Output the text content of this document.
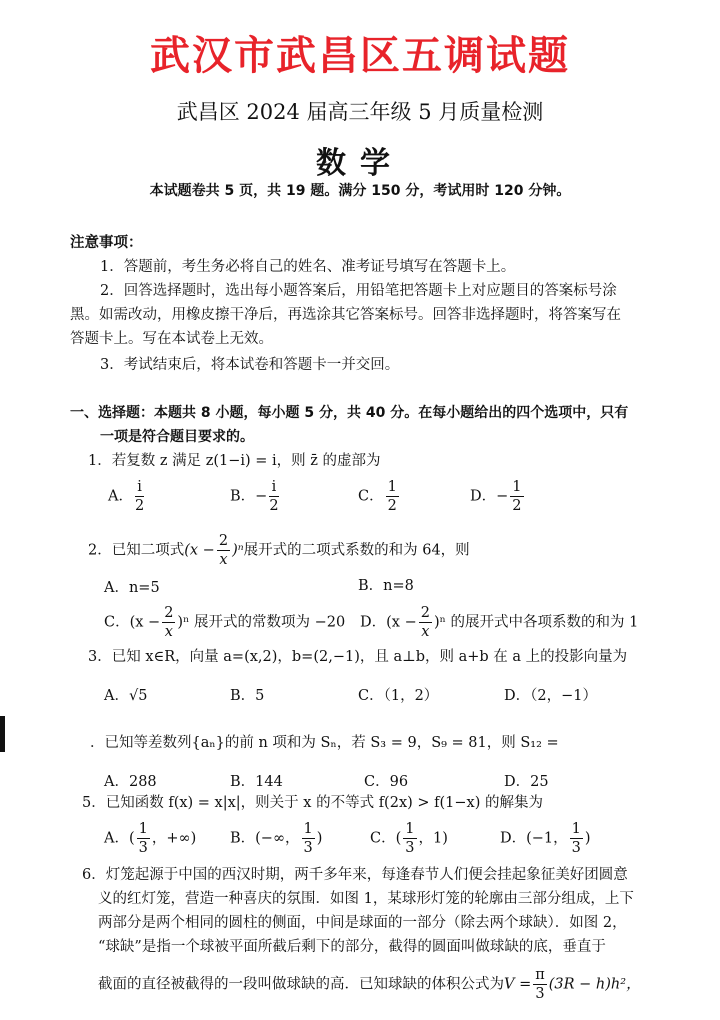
武汉市武昌区五调试题
武昌区 2024 届高三年级 5 月质量检测
数学
本试题卷共 5 页，共 19 题。满分 150 分，考试用时 120 分钟。
注意事项：
1．答题前，考生务必将自己的姓名、准考证号填写在答题卡上。
2．回答选择题时，选出每小题答案后，用铅笔把答题卡上对应题目的答案标号涂
黑。如需改动，用橡皮擦干净后，再选涂其它答案标号。回答非选择题时，将答案写在
答题卡上。写在本试卷上无效。
3．考试结束后，将本试卷和答题卡一并交回。
一、选择题：本题共 8 小题，每小题 5 分，共 40 分。在每小题给出的四个选项中，只有
一项是符合题目要求的。
1．若复数 z 满足 z(1−i) = i，则 z̄ 的虚部为
A． $\frac{i}{2}$	B．− $\frac{i}{2}$	C． $\frac{1}{2}$	D．− $\frac{1}{2}$
2．已知二项式$(x - \frac{2}{x} )^n$展开式的二项式系数的和为 64，则
A．n=5	B．n=8
C．$(x - \frac{2}{x} )^n$ 展开式的常数项为 −20 D．$(x - \frac{2}{x} )^n$ 的展开式中各项系数的和为 1
3．已知 x∈R，向量 a=(x,2)，b=(2,−1)，且 a⊥b，则 a+b 在 a 上的投影向量为
A．√5	B．5	C．（1，2）	D．（2，−1）
．已知等差数列{aₙ}的前 n 项和为 Sₙ，若 S₃ = 9，S₉ = 81，则 S₁₂ =
A．288	B．144	C．96	D．25
5．已知函数 f(x) = x|x|，则关于 x 的不等式 f(2x) > f(1−x) 的解集为
A．( $\frac{1}{3}$ ，+∞) B．(−∞， $\frac{1}{3}$ )	C．( $\frac{1}{3}$ ，1)	D．(−1， $\frac{1}{3}$ )
6．灯笼起源于中国的西汉时期，两千多年来，每逢春节人们便会挂起象征美好团圆意
义的红灯笼，营造一种喜庆的氛围．如图 1，某球形灯笼的轮廓由三部分组成，上下
两部分是两个相同的圆柱的侧面，中间是球面的一部分（除去两个球缺）．如图 2，
“球缺”是指一个球被平面所截后剩下的部分，截得的圆面叫做球缺的底，垂直于
截面的直径被截得的一段叫做球缺的高．已知球缺的体积公式为$V = \frac{\pi}{3} (3R - h)h^2$，
